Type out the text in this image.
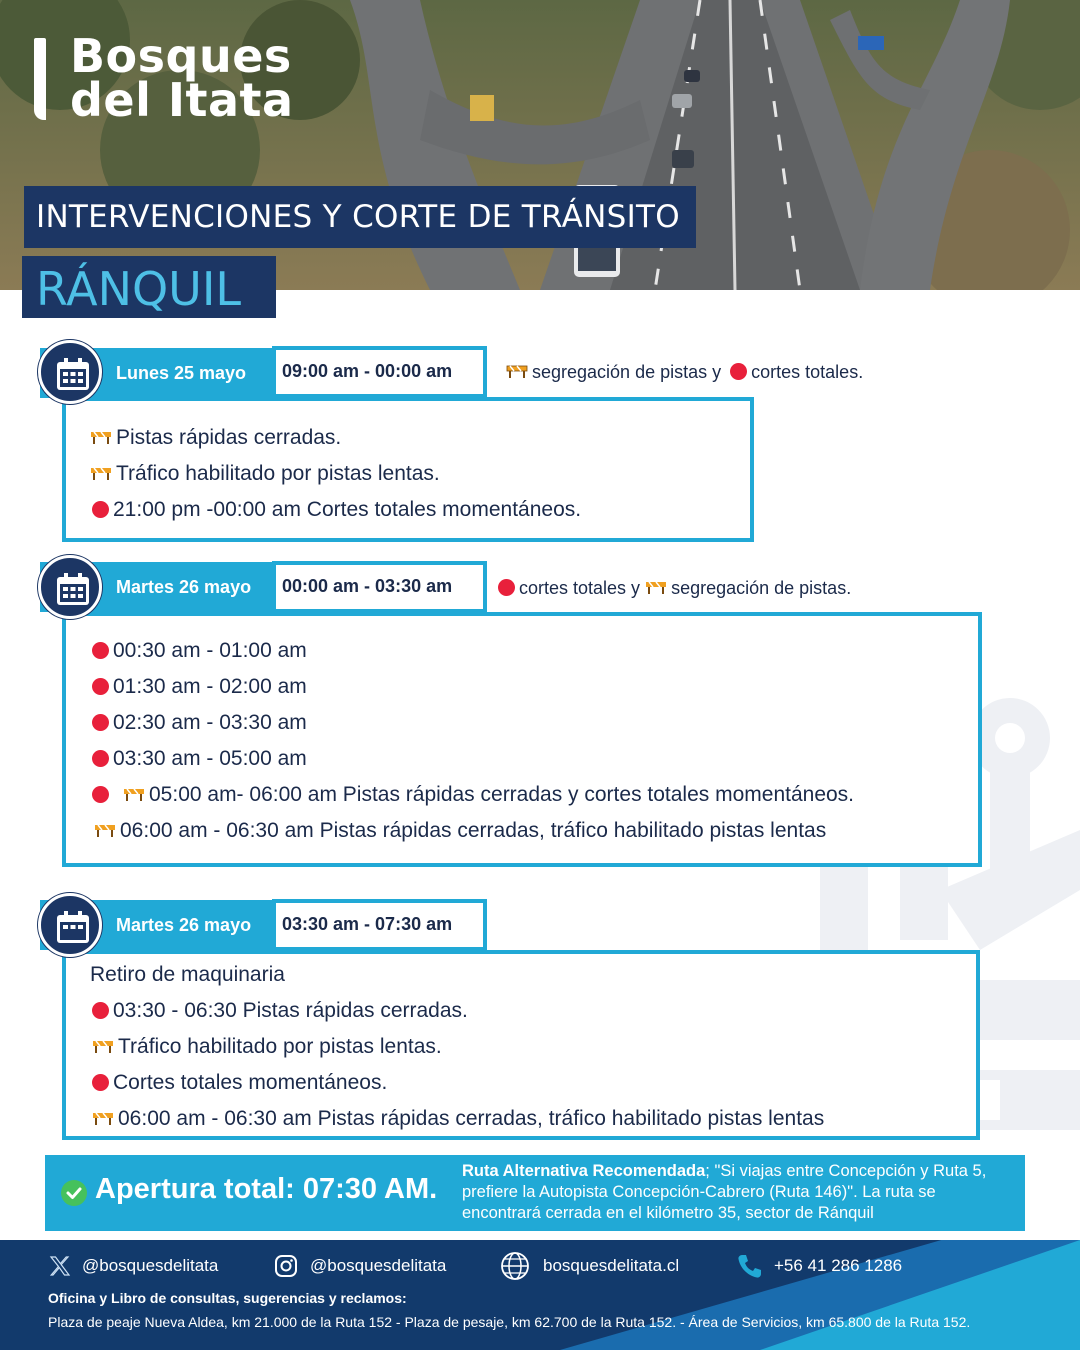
Bosques
del Itata
INTERVENCIONES Y CORTE DE TRÁNSITO
RÁNQUIL
Lunes 25 mayo	09:00 am - 00:00 am	segregación de pistas y cortes totales.
Pistas rápidas cerradas.
Tráfico habilitado por pistas lentas.
21:00 pm -00:00 am Cortes totales momentáneos.
Martes 26 mayo	00:00 am - 03:30 am	cortes totales y segregación de pistas.
00:30 am - 01:00 am
01:30 am - 02:00 am
02:30 am - 03:30 am
03:30 am - 05:00 am
05:00 am- 06:00 am Pistas rápidas cerradas y cortes totales momentáneos.
06:00 am - 06:30 am Pistas rápidas cerradas, tráfico habilitado pistas lentas
Martes 26 mayo	03:30 am - 07:30 am
Retiro de maquinaria
03:30 - 06:30 Pistas rápidas cerradas.
Tráfico habilitado por pistas lentas.
Cortes totales momentáneos.
06:00 am - 06:30 am Pistas rápidas cerradas, tráfico habilitado pistas lentas
Apertura total: 07:30 AM.
Ruta Alternativa Recomendada; "Si viajas entre Concepción y Ruta 5, prefiere la Autopista Concepción-Cabrero (Ruta 146)". La ruta se encontrará cerrada en el kilómetro 35, sector de Ránquil
@bosquesdelitata	@bosquesdelitata	bosquesdelitata.cl	+56 41 286 1286
Oficina y Libro de consultas, sugerencias y reclamos:
Plaza de peaje Nueva Aldea, km 21.000 de la Ruta 152 - Plaza de pesaje, km 62.700 de la Ruta 152. - Área de Servicios, km 65.800 de la Ruta 152.
